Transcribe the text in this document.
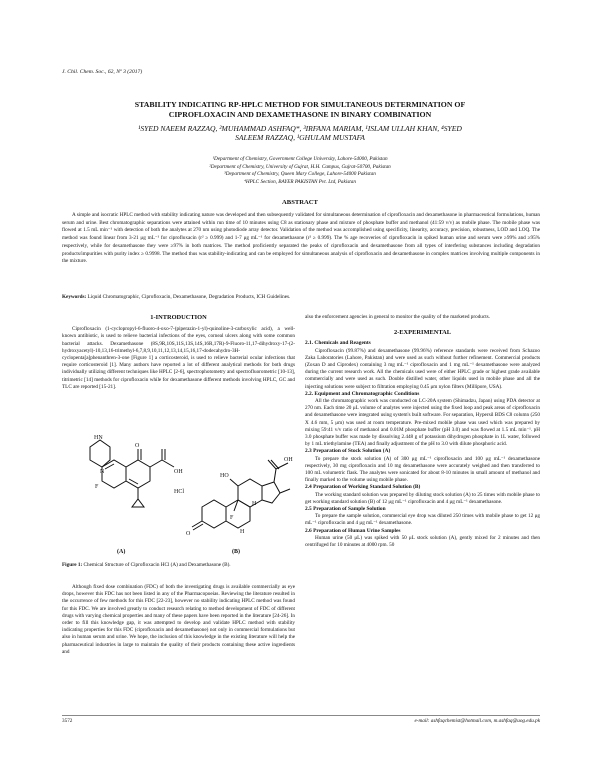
J. Chil. Chem. Soc., 62, Nº 3 (2017)
STABILITY INDICATING RP-HPLC METHOD FOR SIMULTANEOUS DETERMINATION OF
CIPROFLOXACIN AND DEXAMETHASONE IN BINARY COMBINATION
¹SYED NAEEM RAZZAQ, ²MUHAMMAD ASHFAQ*, ³IRFANA MARIAM, ¹ISLAM ULLAH KHAN, ⁴SYED
SALEEM RAZZAQ, ¹GHULAM MUSTAFA
¹Department of Chemistry, Government College University, Lahore-54000, Pakistan
²Department of Chemistry, University of Gujrat, H.H. Campus, Gujrat-50700, Pakistan
³Department of Chemistry, Queen Mary College, Lahore-54000 Pakistan
⁴HPLC Section, BAYER PAKISTAN Pvt. Ltd, Pakistan
ABSTRACT
A simple and isocratic HPLC method with stability indicating nature was developed and then subsequently validated for simultaneous determination of ciprofloxacin and dexamethasone in pharmaceutical formulations, human serum and urine. Best chromatographic separations were attained within run time of 10 minutes using C8 as stationary phase and mixture of phosphate buffer and methanol (41:59 v/v) as mobile phase. The mobile phase was flowed at 1.5 mL min⁻¹ with detection of both the analytes at 270 nm using photodiode array detector. Validation of the method was accomplished using specificity, linearity, accuracy, precision, robustness, LOD and LOQ. The method was found linear from 3-21 μg mL⁻¹ for ciprofloxacin (r² ≥ 0.999) and 1-7 μg mL⁻¹ for dexamethasone (r² ≥ 0.999). The % age recoveries of ciprofloxacin in spiked human urine and serum were ≥99% and ≥95% respectively, while for dexamethasone they were ≥97% in both matrices. The method proficiently separated the peaks of ciprofloxacin and dexamethasone from all types of interfering substances including degradation products/impurities with purity index ≥ 0.9998. The method thus was stability-indicating and can be employed for simultaneous analysis of ciprofloxacin and dexamethasone in complex matrices involving multiple components in the mixture.
Keywords: Liquid Chromatographic, Ciprofloxacin, Dexamethasone, Degradation Products, ICH Guidelines.
1-INTRODUCTION
Ciprofloxacin (1-cyclopropyl-6-fluoro-4-oxo-7-(piperazin-1-yl)-quinoline-3-carboxylic acid), a well-known antibiotic, is used to relieve bacterial infections of the eyes, corneal ulcers along with some common bacterial attacks. Dexamethasone (8S,9R,10S,11S,13S,14S,16R,17R)-9-Fluoro-11,17-dihydroxy-17-(2-hydroxyacetyl)-10,13,16-trimethyl-6,7,8,9,10,11,12,13,14,15,16,17-dodecahydro-3H-cyclopenta[a]phenanthren-3-one [Figure 1] a corticosteroid, is used to relieve bacterial ocular infections that require corticosteroid [1]. Many authors have reported a lot of different analytical methods for both drugs individually utilizing different techniques like HPLC [2-6], spectrophotometry and spectrofluorometric [10-13], titrimetric [14] methods for ciprofloxacin while for dexamethasone different methods involving HPLC, GC and TLC are reported [15-21].
HN
N
F
O
OH
HCl
HO
O
OH
F
H
H
(A)	(B)
Figure 1: Chemical Structure of Ciprofloxacin HCl (A) and Dexamethasone (B).
Although fixed dose combination (FDC) of both the investigating drugs is available commercially as eye drops, however this FDC has not been listed in any of the Pharmacopoeias. Reviewing the literature resulted in the occurrence of few methods for this FDC [22-23], however no stability indicating HPLC method was found for this FDC. We are involved greatly to conduct research relating to method development of FDC of different drugs with varying chemical properties and many of these papers have been reported in the literature [24-26]. In order to fill this knowledge gap, it was attempted to develop and validate HPLC method with stability indicating properties for this FDC (ciprofloxacin and dexamethasone) not only in commercial formulations but also in human serum and urine. We hope, the inclusion of this knowledge in the existing literature will help the pharmaceutical industries in large to maintain the quality of their products containing these active ingredients and
also the enforcement agencies in general to monitor the quality of the marketed products.
2-EXPERIMENTAL
2.1. Chemicals and Reagents
Ciprofloxacin (99.87%) and dexamethasone (99.96%) reference standards were received from Schazoo Zaka Laboratories (Lahore, Pakistan) and were used as such without further refinement. Commercial products (Zoxan D and Ciprodex) containing 3 mg mL⁻¹ ciprofloxacin and 1 mg mL⁻¹ dexamethasone were analyzed during the current research work. All the chemicals used were of either HPLC grade or highest grade available commercially and were used as such. Double distilled water, other liquids used in mobile phase and all the injecting solutions were subject to filtration employing 0.45 μm nylon filters (Millipore, USA).
2.2. Equipment and Chromatographic Conditions
All the chromatographic work was conducted on LC-20A system (Shimadzu, Japan) using PDA detector at 270 nm. Each time 20 μL volume of analytes were injected using the fixed loop and peak areas of ciprofloxacin and dexamethasone were integrated using system's built software. For separation, Hypersil BDS C8 column (250 X 4.6 mm, 5 μm) was used at room temperature. Pre-mixed mobile phase was used which was prepared by mixing 59:41 v/v ratio of methanol and 0.01M phosphate buffer (pH 3.0) and was flowed at 1.5 mL min⁻¹. pH 3.0 phosphate buffer was made by dissolving 2.448 g of potassium dihydrogen phosphate in 1L water, followed by 1 mL triethylamine (TEA) and finally adjustment of the pH to 3.0 with dilute phosphoric acid.
2.3 Preparation of Stock Solution (A)
To prepare the stock solution (A) of 300 μg mL⁻¹ ciprofloxacin and 100 μg mL⁻¹ dexamethasone respectively, 30 mg ciprofloxacin and 10 mg dexamethasone were accurately weighed and then transferred to 100 mL volumetric flask. The analytes were sonicated for about 8-10 minutes in small amount of methanol and finally marked to the volume using mobile phase.
2.4 Preparation of Working Standard Solution (B)
The working standard solution was prepared by diluting stock solution (A) to 25 times with mobile phase to get working standard solution (B) of 12 μg mL⁻¹ ciprofloxacin and 4 μg mL⁻¹ dexamethasone.
2.5 Preparation of Sample Solution
To prepare the sample solution, commercial eye drop was diluted 250 times with mobile phase to get 12 μg mL⁻¹ ciprofloxacin and 4 μg mL⁻¹ dexamethasone.
2.6 Preparation of Human Urine Samples
Human urine (50 μL) was spiked with 50 μL stock solution (A), gently mixed for 2 minutes and then centrifuged for 10 minutes at 4000 rpm. 50
3572	e-mail: ashfaqchemist@hotmail.com, m.ashfaq@uog.edu.pk
